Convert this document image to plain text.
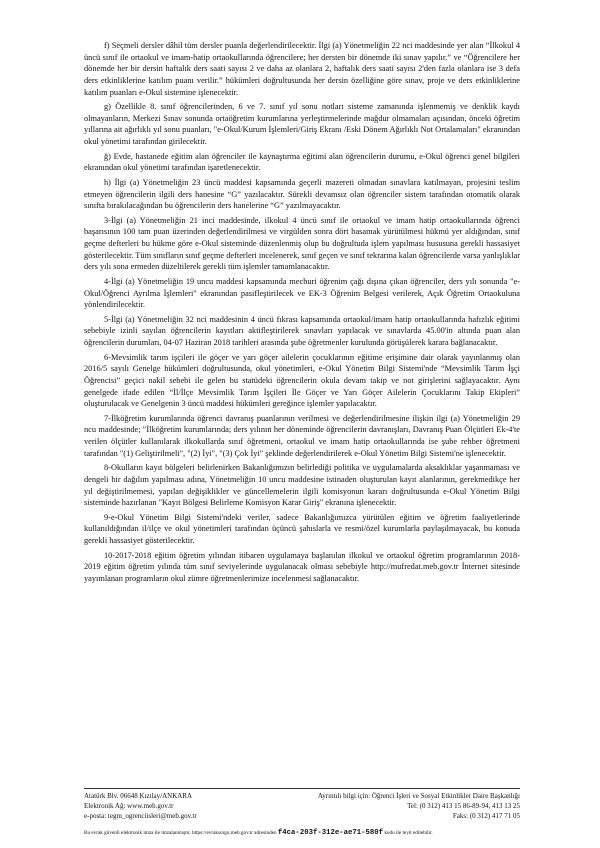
f) Seçmeli dersler dâhil tüm dersler puanla değerlendirilecektir. İlgi (a) Yönetmeliğin 22 nci maddesinde yer alan “İlkokul 4 üncü sınıf ile ortaokul ve imam-hatip ortaokullarında öğrencilere; her dersten bir dönemde iki sınav yapılır.” ve “Öğrencilere her dönemde her bir dersin haftalık ders saati sayısı 2 ve daha az olanlara 2, haftalık ders saati sayısı 2'den fazla olanlara ise 3 defa ders etkinliklerine katılım puanı verilir.” hükümleri doğrultusunda her dersin özelliğine göre sınav, proje ve ders etkinliklerine katılım puanları e-Okul sistemine işlenecektir.

g) Özellikle 8. sınıf öğrencilerinden, 6 ve 7. sınıf yıl sonu notları sisteme zamanında işlenmemiş ve denklik kaydı olmayanların, Merkezi Sınav sonunda ortaöğretim kurumlarına yerleştirmelerinde mağdur olmamaları açısından, önceki öğretim yıllarına ait ağırlıklı yıl sonu puanları, "e-Okul/Kurum İşlemleri/Giriş Ekranı /Eski Dönem Ağırlıklı Not Ortalamaları" ekranından okul yönetimi tarafından girilecektir.

ğ) Evde, hastanede eğitim alan öğrenciler ile kaynaştırma eğitimi alan öğrencilerin durumu, e-Okul öğrenci genel bilgileri ekranından okul yönetimi tarafından işaretlenecektir.

h) İlgi (a) Yönetmeliğin 23 üncü maddesi kapsamında geçerli mazereti olmadan sınavlara katılmayan, projesini teslim etmeyen öğrencilerin ilgili ders hanesine “G” yazılacaktır. Sürekli devamsız olan öğrenciler sistem tarafından otomatik olarak sınıfta bırakılacağından bu öğrencilerin ders hanelerine “G” yazılmayacaktır.

3-İlgi (a) Yönetmeliğin 21 inci maddesinde, ilkokul 4 üncü sınıf ile ortaokul ve imam hatip ortaokullarında öğrenci başarısının 100 tam puan üzerinden değerlendirilmesi ve virgülden sonra dört basamak yürütülmesi hükmü yer aldığından, sınıf geçme defterleri bu hükme göre e-Okul sisteminde düzenlenmiş olup bu doğrultuda işlem yapılması hususuna gerekli hassasiyet gösterilecektir. Tüm sınıfların sınıf geçme defterleri incelenerek, sınıf geçen ve sınıf tekrarına kalan öğrencilerde varsa yanlışlıklar ders yılı sona ermeden düzeltilerek gerekli tüm işlemler tamamlanacaktır.

4-İlgi (a) Yönetmeliğin 19 uncu maddesi kapsamında mecburi öğrenim çağı dışına çıkan öğrenciler, ders yılı sonunda "e-Okul/Öğrenci Ayrılma İşlemleri" ekranından pasifleştirilecek ve EK-3 Öğrenim Belgesi verilerek, Açık Öğretim Ortaokuluna yönlendirilecektir.

5-İlgi (a) Yönetmeliğin 32 nci maddesinin 4 üncü fıkrası kapsamında ortaokul/imam hatip ortaokullarında hafızlık eğitimi sebebiyle izinli sayılan öğrencilerin kayıtları aktifleştirilerek sınavları yapılacak ve sınavlarda 45.00'in altında puan alan öğrencilerin durumları, 04-07 Haziran 2018 tarihleri arasında şube öğretmenler kurulunda görüşülerek karara bağlanacaktır.

6-Mevsimlik tarım işçileri ile göçer ve yarı göçer ailelerin çocuklarının eğitime erişimine dair olarak yayınlanmış olan 2016/5 sayılı Genelge hükümleri doğrultusunda, okul yönetimleri, e-Okul Yönetim Bilgi Sistemi'nde “Mevsimlik Tarım İşçi Öğrencisi” geçici nakil sebebi ile gelen bu statüdeki öğrencilerin okula devam takip ve not girişlerini sağlayacaktır. Aynı genelgede ifade edilen “İl/İlçe Mevsimlik Tarım İşçileri İle Göçer ve Yarı Göçer Ailelerin Çocuklarını Takip Ekipleri” oluşturulacak ve Genelgenin 3 üncü maddesi hükümleri gereğince işlemler yapılacaktır.

7-İlköğretim kurumlarında öğrenci davranış puanlarının verilmesi ve değerlendirilmesine ilişkin ilgi (a) Yönetmeliğin 29 ncu maddesinde; "İlköğretim kurumlarında; ders yılının her döneminde öğrencilerin davranışları, Davranış Puan Ölçütleri Ek-4'te verilen ölçütler kullanılarak ilkokullarda sınıf öğretmeni, ortaokul ve imam hatip ortaokullarında ise şube rehber öğretmeni tarafından "(1) Geliştirilmeli", "(2) İyi", "(3) Çok İyi" şeklinde değerlendirilerek e-Okul Yönetim Bilgi Sistemi'ne işlenecektir.

8-Okulların kayıt bölgeleri belirlenirken Bakanlığımızın belirlediği politika ve uygulamalarda aksaklıklar yaşanmaması ve dengeli bir dağılım yapılması adına, Yönetmeliğin 10 uncu maddesine istinaden oluşturulan kayıt alanlarının, gerekmedikçe her yıl değiştirilmemesi, yapılan değişiklikler ve güncellemelerin ilgili komisyonun kararı doğrultusunda e-Okul Yönetim Bilgi sisteminde hazırlanan "Kayıt Bölgesi Belirleme Komisyon Karar Giriş" ekranına işlenecektir.

9-e-Okul Yönetim Bilgi Sistemi'ndeki veriler, sadece Bakanlığımızca yürütülen eğitim ve öğretim faaliyetlerinde kullanıldığından il/ilçe ve okul yönetimleri tarafından üçüncü şahıslarla ve resmi/özel kurumlarla paylaşılmayacak, bu konuda gerekli hassasiyet gösterilecektir.

10-2017-2018 eğitim öğretim yılından itibaren uygulamaya başlanılan ilkokul ve ortaokul öğretim programlarının 2018-2019 eğitim öğretim yılında tüm sınıf seviyelerinde uygulanacak olması sebebiyle http://mufredat.meb.gov.tr İnternet sitesinde yayımlanan programların okul zümre öğretmenlerimize incelenmesi sağlanacaktır.

Atatürk Blv. 06648 Kızılay/ANKARA
Elektronik Ağ: www.meb.gov.tr
e-posta: tegm_ogrenciisleri@meb.gov.tr
Ayrıntılı bilgi için: Öğrenci İşleri ve Sosyal Etkinlikler Daire Başkanlığı
Tel: (0 312) 413 15 86-89-94, 413 13 25
Faks: (0 312) 417 71 05
Bu evrak güvenli elektronik imza ile imzalanmıştır. https://evraksorgu.meb.gov.tr adresinden f4ca-203f-312e-ae71-580f kodu ile teyit edilebilir.
